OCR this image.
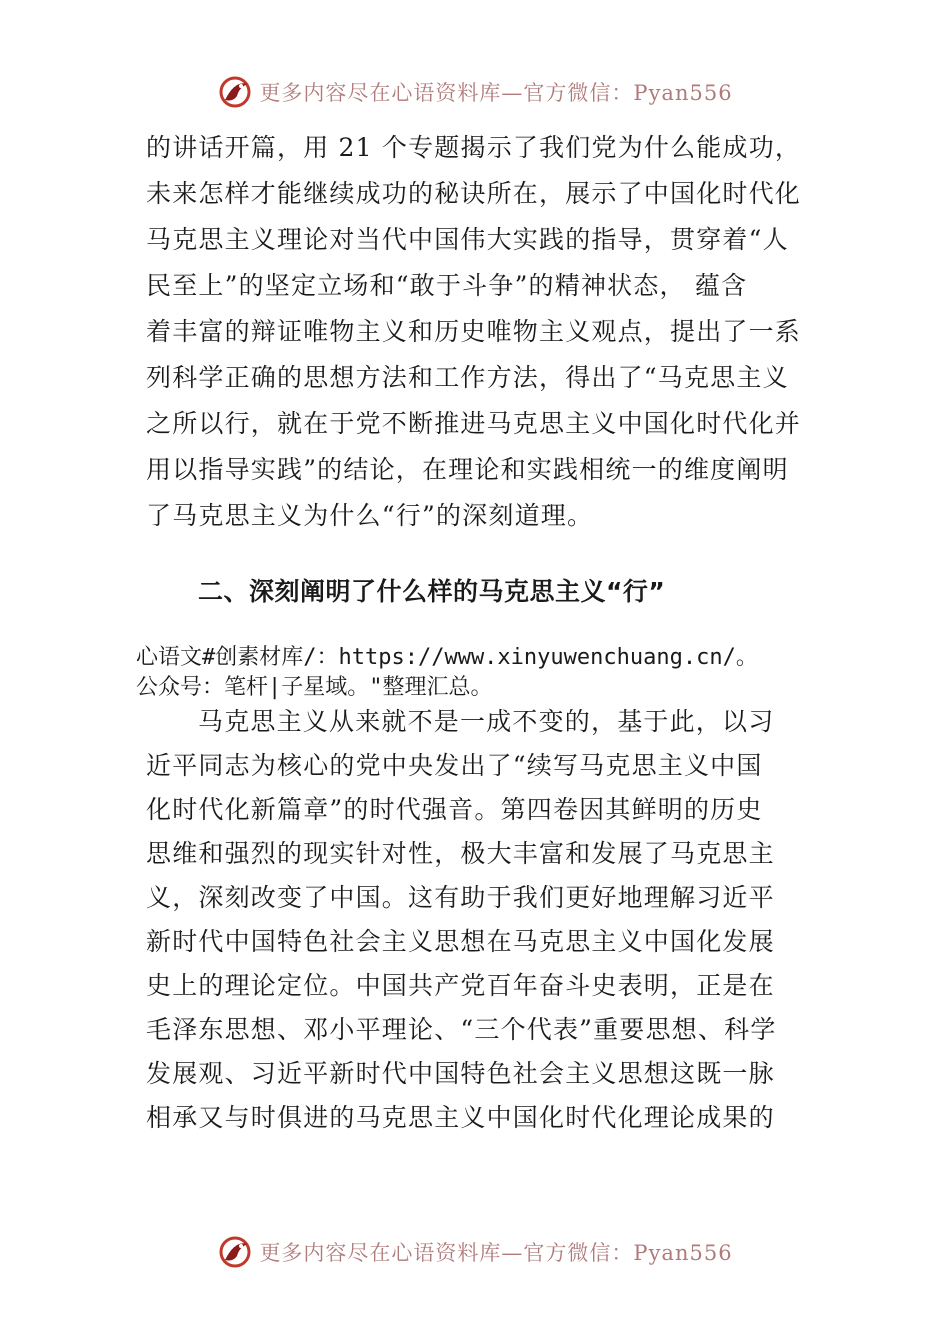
更多内容尽在心语资料库—官方微信：Pyan556
的讲话开篇，用 21 个专题揭示了我们党为什么能成功，
未来怎样才能继续成功的秘诀所在，展示了中国化时代化
马克思主义理论对当代中国伟大实践的指导，贯穿着“人
民至上”的坚定立场和“敢于斗争”的精神状态， 蕴含
着丰富的辩证唯物主义和历史唯物主义观点，提出了一系
列科学正确的思想方法和工作方法，得出了“马克思主义
之所以行，就在于党不断推进马克思主义中国化时代化并
用以指导实践”的结论，在理论和实践相统一的维度阐明
了马克思主义为什么“行”的深刻道理。
二、深刻阐明了什么样的马克思主义“行”
心语文#创素材库/：https://www.xinyuwenchuang.cn/。
公众号：笔杆|子星域。"整理汇总。
马克思主义从来就不是一成不变的，基于此，以习
近平同志为核心的党中央发出了“续写马克思主义中国
化时代化新篇章”的时代强音。第四卷因其鲜明的历史
思维和强烈的现实针对性，极大丰富和发展了马克思主
义，深刻改变了中国。这有助于我们更好地理解习近平
新时代中国特色社会主义思想在马克思主义中国化发展
史上的理论定位。中国共产党百年奋斗史表明，正是在
毛泽东思想、邓小平理论、“三个代表”重要思想、科学
发展观、习近平新时代中国特色社会主义思想这既一脉
相承又与时俱进的马克思主义中国化时代化理论成果的
更多内容尽在心语资料库—官方微信：Pyan556
